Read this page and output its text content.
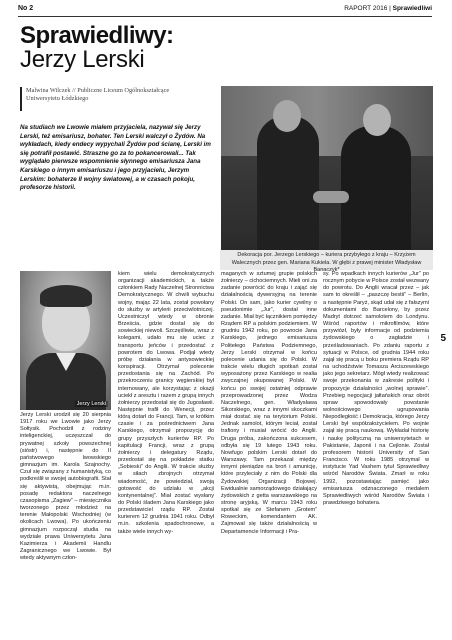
No 2	RAPORT 2016 | Sprawiedliwi
5
Sprawiedliwy:
Jerzy Lerski
Malwina Wilczek // Publiczne Liceum Ogólnokształcące
Uniwersytetu Łódzkiego
Na studiach we Lwowie miałem przyjaciela, nazywał się Jerzy Lerski, też emisariusz, bohater. Ten Lerski walczył o Żydów. Na wykładach, kiedy endecy wypychali Żydów pod ścianę, Lerski im się potrafił postawić. Straszne go za to pokancerowali... Tak wyglądało pierwsze wspomnienie słynnego emisariusza Jana Karskiego o innym emisariuszu i jego przyjacielu, Jerzym Lerskim: bohaterze II wojny światowej, a w czasach pokoju, profesorze historii.
Dekoracja por. Jerzego Lerskiego – kuriera przybyłego z kraju – Krzyżem Walecznych przez gen. Mariana Kukiela. W głębi z prawej minister Władysław Banaczyk*
Jerzy Lerski

Jerzy Lerski urodził się 20 sierpnia 1917 roku we Lwowie jako Jerzy Sołtysik. Pochodził z rodziny inteligenckiej, uczęszczał do prywatnej szkoły powszechnej (sióstr) i, następnie do II państwowego lwowskiego gimnazjum im. Karola Szajnochy. Czuł się związany z humanistyką, co podkreślił w swojej autobiografii. Stał się aktywistą, obejmując m.in. posadę redaktora naczelnego czasopisma „Zagiew” – miesięcznika tworzonego przez młodzież na terenie Małopolski Wschodniej (w okolicach Lwowa). Po ukończeniu gimnazjum rozpoczął studia na wydziale prawa Uniwersytetu Jana Kazimierza i Akademii Handlu Zagranicznego we Lwowie. Był wtedy aktywnym człon-

kiem wielu demokratycznych organizacji akademickich, a także członkiem Rady Naczelnej Stronnictwa Demokratycznego. W chwili wybuchu wojny, mając 22 lata, został powołany do służby w artylerii przeciwlotniczej. Uczestniczył wtedy w obronie Brześcia, gdzie dostał się do sowieckiej niewoli. Szczęśliwie, wraz z kolegami, udało mu się uciec z transportu jeńców i przedostać z powrotem do Lwowa. Podjął wtedy próbę działania w antysowieckiej konspiracji. Otrzymał polecenie przedostania się na Zachód. Po przekroczeniu granicy węgierskiej był internowany, ale korzystając z okazji uciekł z aresztu i razem z grupą innych żołnierzy przedostał się do Jugosławii. Następnie trafił do Wenecji, przez którą dotarł do Francji. Tam, w krótkim czasie i za pośrednictwem Jana Karskiego, otrzymał propozycję do grupy przyszłych kurierów RP. Po kapitulacji Francji, wraz z grupą żołnierzy i delegatury Rządu, przedostał się na pokładzie statku „Sobieski” do Anglii. W trakcie służby w siłach zbrojnych otrzymał wiadomość, że powiedział, swoją gotowość do udziału w „akcji kontynentalnej”. Miał zostać wysłany do Polski śladem Jana Karskiego jako przedstawiciel rządu RP. Został kurierem 12 grudnia 1941 roku. Odbył m.in. szkolenia spadochronowe, a także wiele innych wy-

maganych w sztumej grupie polskich żołnierzy – cichociemnych. Mieli oni za zadanie powrócić do kraju i zająć się działalnością dywersyjną na terenie Polski. On sam, jako kurier cywilny o pseudonimie „Jur”, dostał inne zadanie. Miał być łącznikiem pomiędzy Rządem RP a polskim podziemiem. W grudniu 1942 roku, po powrocie Jana Karskiego, jednego emisariusza Politełego Państwa Podziemnego, Jerzy Lerski otrzymał w końcu polecenie udania się do Polski. W trakcie wielu długich spotkań został wyposażony przez Karskiego w realia zwyczajnej okupowanej Polski. W końcu po swojej ostatniej odprawie przeprowadzonej przez Wodza Naczelnego, gen. Władysława Sikorskiego, wraz z innymi skoczkami miał dostać się na terytorium Polski. Jednak samolot, którym leciał, został trafiony i musiał wrócić do Anglii. Druga próba, zakończona sukcesem, odbyła się 19 lutego 1943 roku. Nowfugo polskim Lerski dotarł do Warszawy. Tam przekazał między innymi pieniądze na broń i amunicję, które przyleciały z nim do Polski dla Żydowskiej Organizacji Bojowej. Ewidualnie samorządowego działający żydowskich z getta warszawskiego na stronę aryjską. W marcu 1943 roku spotkał się ze Stefanem „Grotem” Roweckim, komendantem AK. Zajmował się także działalnością w Departamencie Informacji i Pra-

sy. Po wpadkach innych kurierów „Jur” po rocznym pobycie w Polsce został wezwany do powrotu. Do Anglii wracał przez – jak sam to określił – „paszczę bestii” – Berlin, a następnie Paryż, skąd udał się z fałszymi dokumentami do Barcelony, by przez Madryt dotrzeć samolotem do Londynu. Wśród raportów i mikrofilmów, które przywiózł, były informacje od podziemia żydowskiego o zagładzie i prześladowaniach. Po zdaniu raportu z sytuacji w Polsce, od grudnia 1944 roku zajął się pracą u boku premiera Rządu RP na uchodźstwie Tomasza Arciszewskiego jako jego sekretarz. Mógł wtedy realizować swoje przekonania w zakresie polityki i propozycje działalności „wolnej sprawie”. Przebieg negocjacji jałtańskich oraz obrót spraw spowodowały powstanie wolnościowego ugrupowania Niepodległość i Demokracja, którego Jerzy Lerski był współzałożycielem. Po wojnie zajął się pracą naukową. Wykładał historię i naukę polityczną na uniwersytetach w Pakistanie, Japonii i na Cejlonie. Został profesorem historii University of San Francisco. W roku 1985 otrzymał w instytucie Yad Vashem tytuł Sprawiedliwy wśród Narodów Świata. Zmarł w roku 1992, pozostawiając pamięć jako emisariusza odznaczonego medalem Sprawiedliwych wśród Narodów Świata i prawdziwego bohatera.
